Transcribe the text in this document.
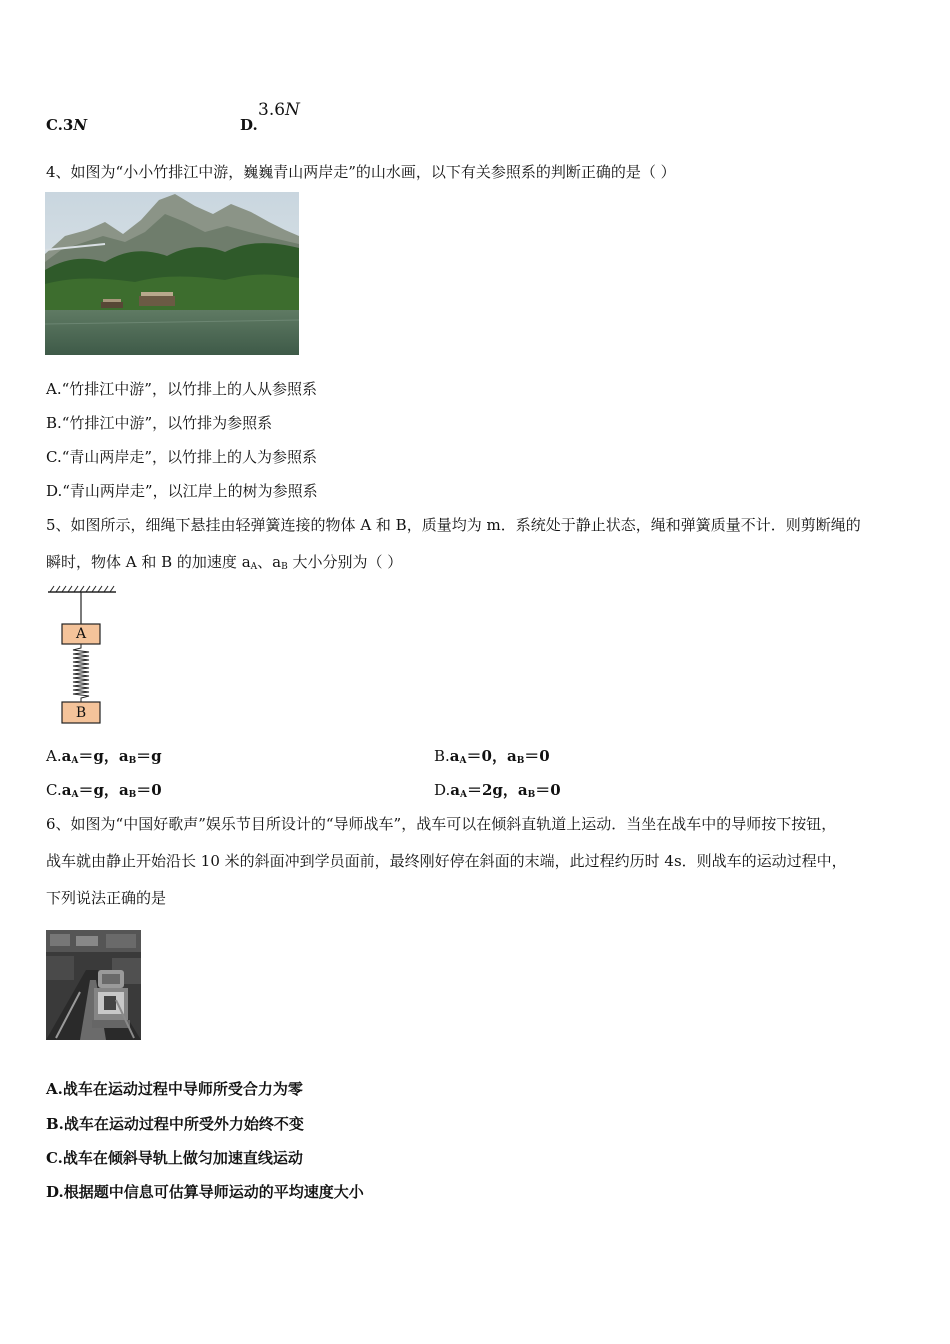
C.3N	D.
3.6N
4、如图为“小小竹排江中游，巍巍青山两岸走”的山水画，以下有关参照系的判断正确的是（ ）
A.“竹排江中游”，以竹排上的人从参照系
B.“竹排江中游”，以竹排为参照系
C.“青山两岸走”，以竹排上的人为参照系
D.“青山两岸走”，以江岸上的树为参照系
5、如图所示，细绳下悬挂由轻弹簧连接的物体 A 和 B，质量均为 m．系统处于静止状态，绳和弹簧质量不计．则剪断绳的
瞬时，物体 A 和 B 的加速度 $a_A$、$a_B$ 大小分别为（ ）
A
B
$A.a_A=g$，$a_B=g$	$B.a_A=0$，$a_B=0$
$C.a_A=g$，$a_B=0$	$D.a_A=2g$，$a_B=0$
6、如图为“中国好歌声”娱乐节目所设计的“导师战车”，战车可以在倾斜直轨道上运动．当坐在战车中的导师按下按钮，
战车就由静止开始沿长 10 米的斜面冲到学员面前，最终刚好停在斜面的末端，此过程约历时 4s．则战车的运动过程中，
下列说法正确的是
A.战车在运动过程中导师所受合力为零
B.战车在运动过程中所受外力始终不变
C.战车在倾斜导轨上做匀加速直线运动
D.根据题中信息可估算导师运动的平均速度大小
